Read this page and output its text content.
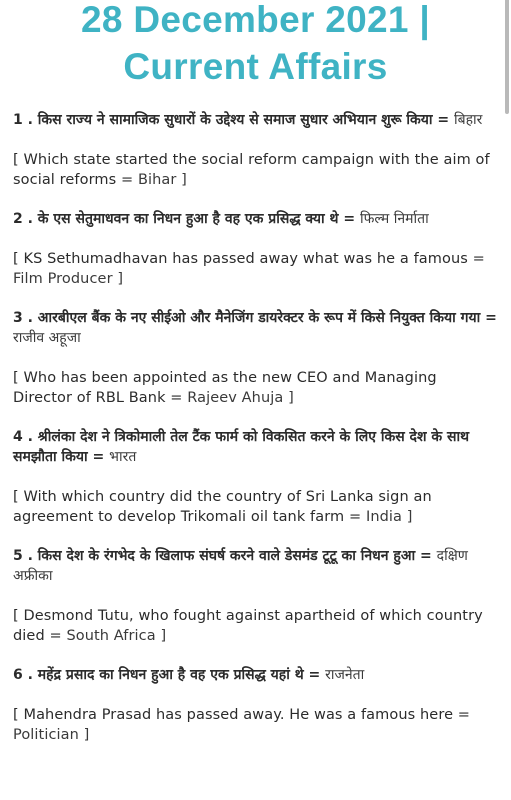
28 December 2021 |
Current Affairs
1 . किस राज्य ने सामाजिक सुधारों के उद्देश्य से समाज सुधार अभियान शुरू किया = बिहार
[ Which state started the social reform campaign with the aim of social reforms = Bihar ]
2 . के एस सेतुमाधवन का निधन हुआ है वह एक प्रसिद्ध क्या थे = फिल्म निर्माता
[ KS Sethumadhavan has passed away what was he a famous = Film Producer ]
3 . आरबीएल बैंक के नए सीईओ और मैनेजिंग डायरेक्टर के रूप में किसे नियुक्त किया गया = राजीव अहूजा
[ Who has been appointed as the new CEO and Managing Director of RBL Bank = Rajeev Ahuja ]
4 . श्रीलंका देश ने त्रिकोमाली तेल टैंक फार्म को विकसित करने के लिए किस देश के साथ समझौता किया = भारत
[ With which country did the country of Sri Lanka sign an agreement to develop Trikomali oil tank farm = India ]
5 . किस देश के रंगभेद के खिलाफ संघर्ष करने वाले डेसमंड टूटू का निधन हुआ = दक्षिण अफ्रीका
[ Desmond Tutu, who fought against apartheid of which country died = South Africa ]
6 . महेंद्र प्रसाद का निधन हुआ है वह एक प्रसिद्ध यहां थे = राजनेता
[ Mahendra Prasad has passed away. He was a famous here = Politician ]
